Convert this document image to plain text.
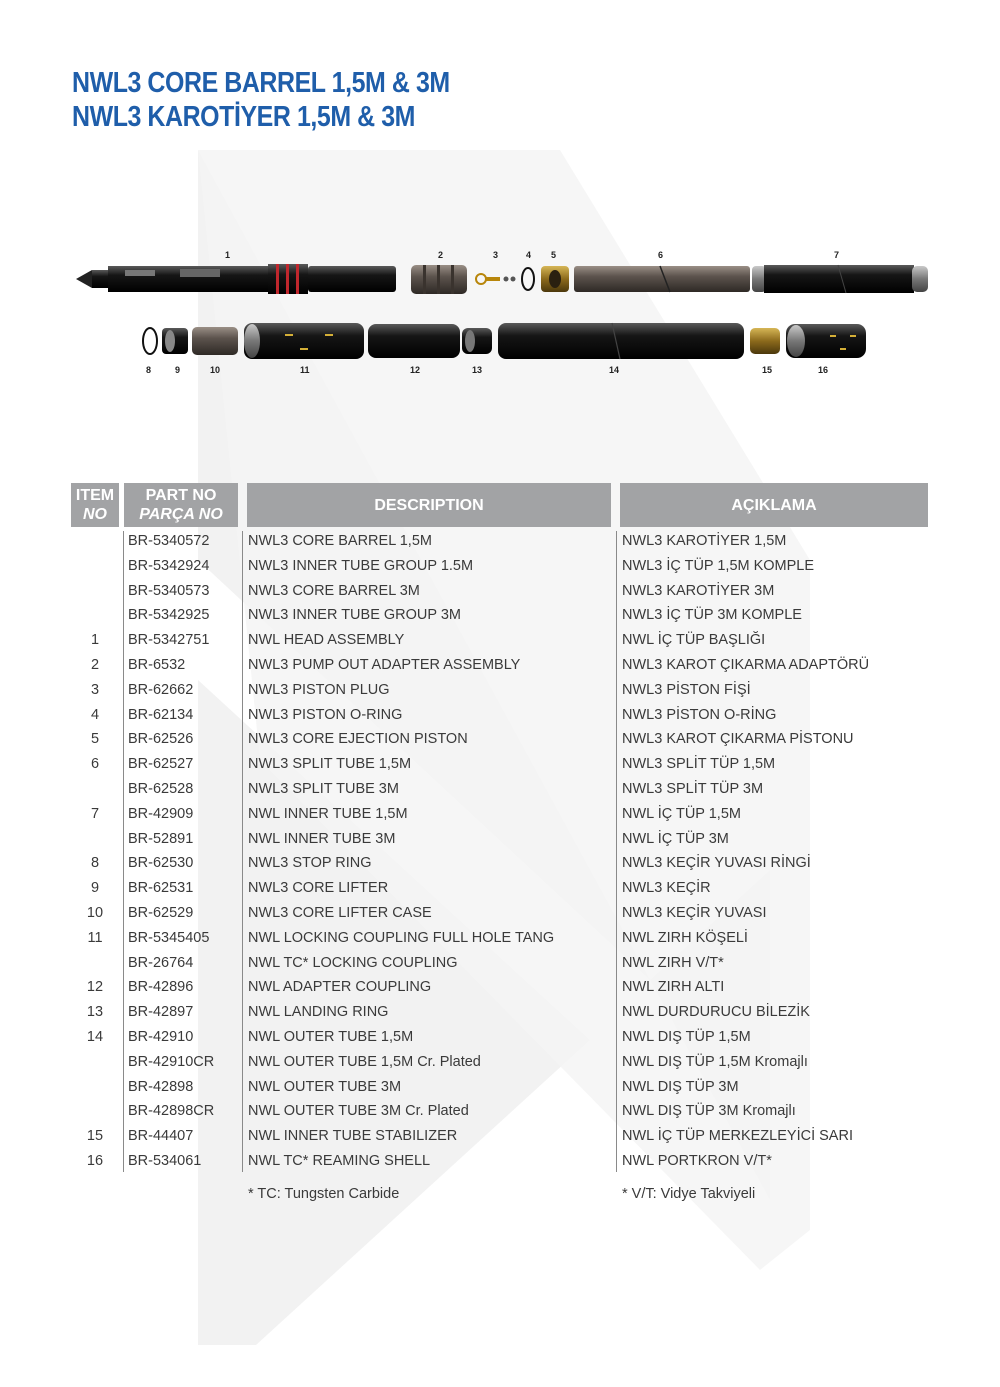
NWL3 CORE BARREL 1,5M & 3M
NWL3 KAROTİYER 1,5M & 3M
1	2	3	4 5	6	7
8	9	10	11	12	13	14	15	16
ITEM
NO
PART NO
PARÇA NO
DESCRIPTION	AÇIKLAMA
BR-5340572	NWL3 CORE BARREL 1,5M	NWL3 KAROTİYER 1,5M
BR-5342924	NWL3 INNER TUBE GROUP 1.5M	NWL3 İÇ TÜP 1,5M KOMPLE
BR-5340573	NWL3 CORE BARREL 3M	NWL3 KAROTİYER 3M
BR-5342925	NWL3 INNER TUBE GROUP 3M	NWL3 İÇ TÜP 3M KOMPLE
1	BR-5342751	NWL HEAD ASSEMBLY	NWL İÇ TÜP BAŞLIĞI
2	BR-6532	NWL3 PUMP OUT ADAPTER ASSEMBLY	NWL3 KAROT ÇIKARMA ADAPTÖRÜ
3	BR-62662	NWL3 PISTON PLUG	NWL3 PİSTON FİŞİ
4	BR-62134	NWL3 PISTON O-RING	NWL3 PİSTON O-RİNG
5	BR-62526	NWL3 CORE EJECTION PISTON	NWL3 KAROT ÇIKARMA PİSTONU
6	BR-62527	NWL3 SPLIT TUBE 1,5M	NWL3 SPLİT TÜP 1,5M
BR-62528	NWL3 SPLIT TUBE 3M	NWL3 SPLİT TÜP 3M
7	BR-42909	NWL INNER TUBE 1,5M	NWL İÇ TÜP 1,5M
BR-52891	NWL INNER TUBE 3M	NWL İÇ TÜP 3M
8	BR-62530	NWL3 STOP RING	NWL3 KEÇİR YUVASI RİNGİ
9	BR-62531	NWL3 CORE LIFTER	NWL3 KEÇİR
10	BR-62529	NWL3 CORE LIFTER CASE	NWL3 KEÇİR YUVASI
11	BR-5345405	NWL LOCKING COUPLING FULL HOLE TANG	NWL ZIRH KÖŞELİ
BR-26764	NWL TC* LOCKING COUPLING	NWL ZIRH V/T*
12	BR-42896	NWL ADAPTER COUPLING	NWL ZIRH ALTI
13	BR-42897	NWL LANDING RING	NWL DURDURUCU BİLEZİK
14	BR-42910	NWL OUTER TUBE 1,5M	NWL DIŞ TÜP 1,5M
BR-42910CR NWL OUTER TUBE 1,5M Cr. Plated	NWL DIŞ TÜP 1,5M Kromajlı
BR-42898	NWL OUTER TUBE 3M	NWL DIŞ TÜP 3M
BR-42898CR NWL OUTER TUBE 3M Cr. Plated	NWL DIŞ TÜP 3M Kromajlı
15	BR-44407	NWL INNER TUBE STABILIZER	NWL İÇ TÜP MERKEZLEYİCİ SARI
16	BR-534061	NWL TC* REAMING SHELL	NWL PORTKRON V/T*
* TC: Tungsten Carbide	* V/T: Vidye Takviyeli
